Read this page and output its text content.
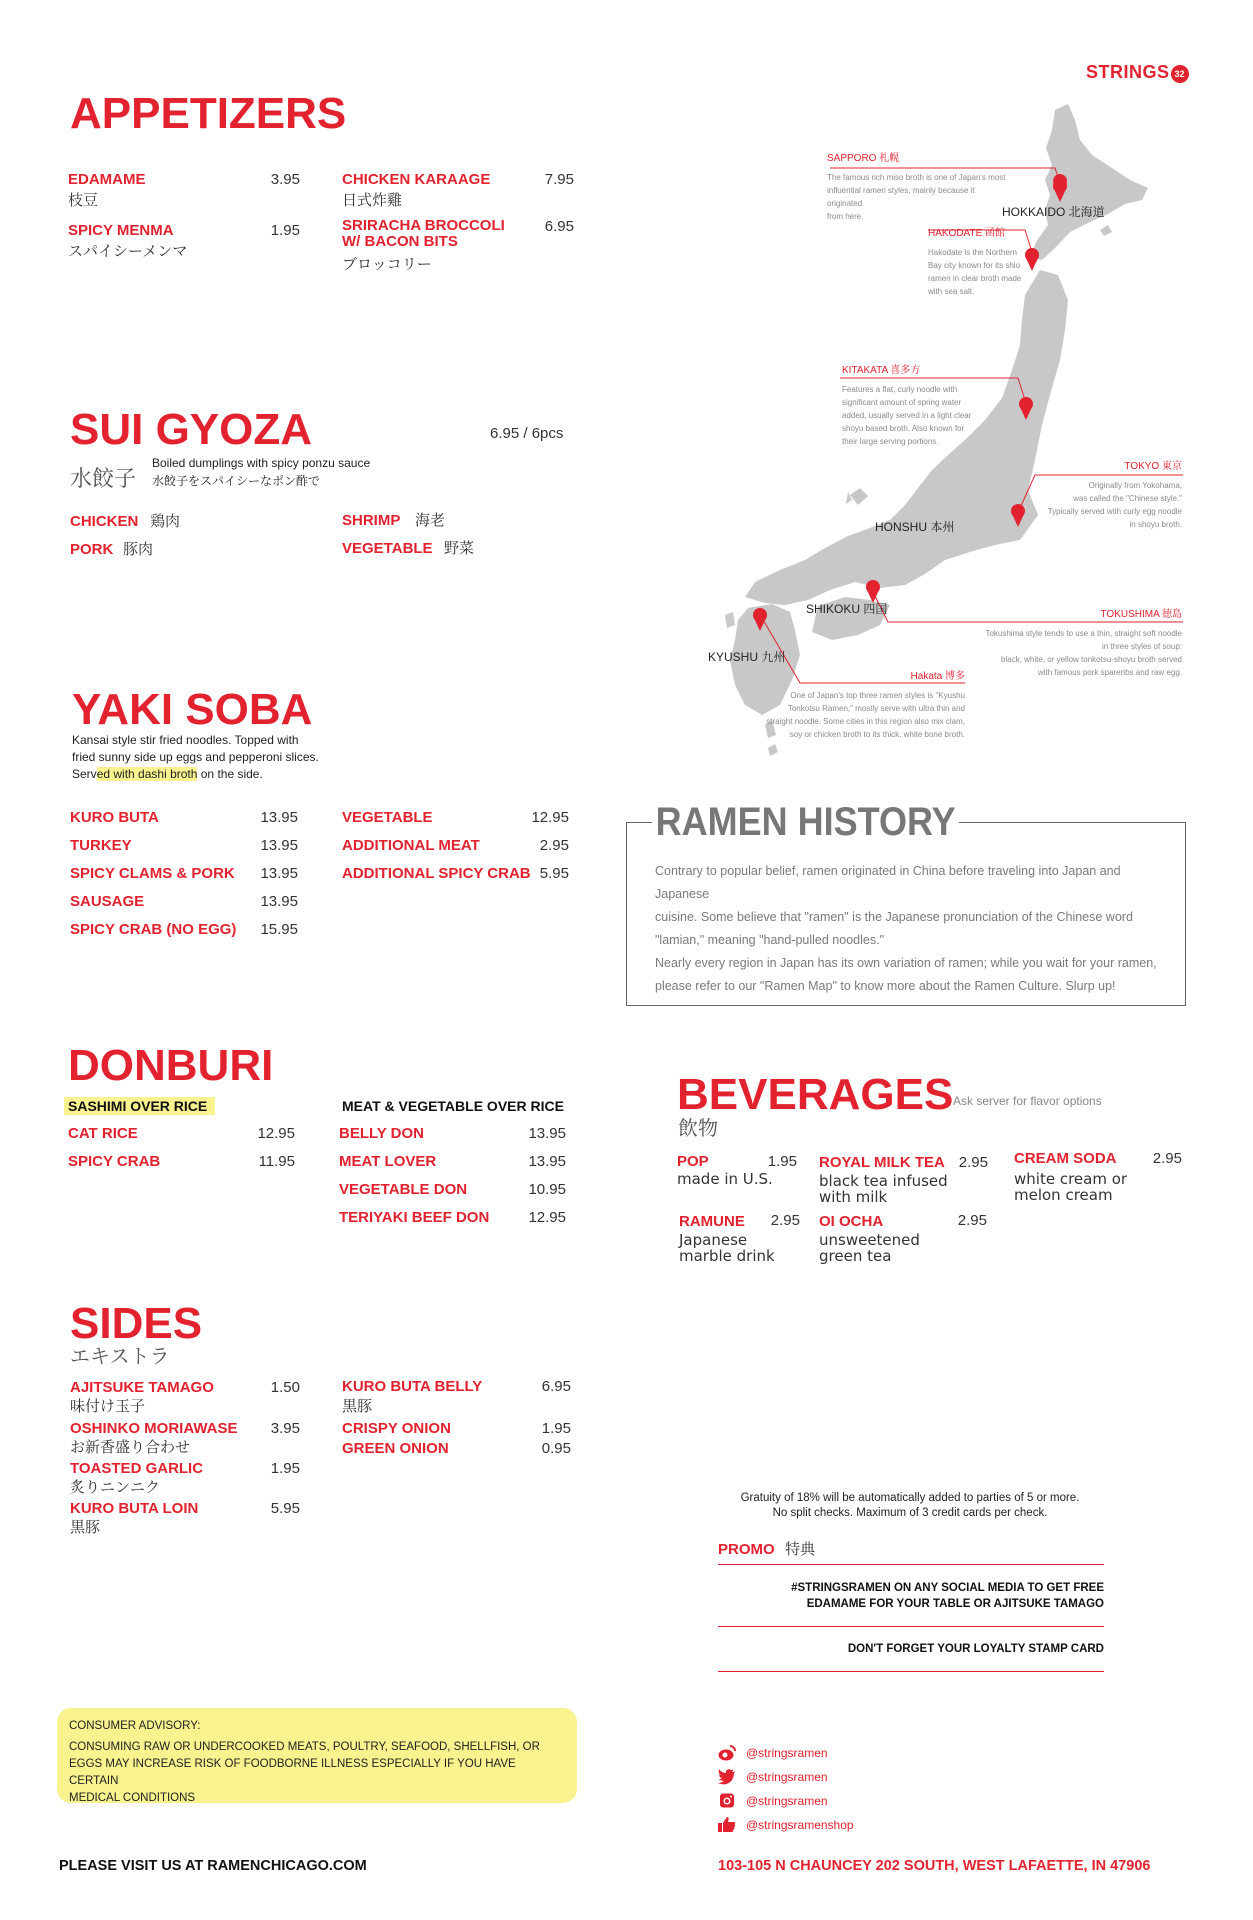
STRINGS 32
APPETIZERS
EDAMAME	3.95
枝豆
SPICY MENMA	1.95
スパイシーメンマ
CHICKEN KARAAGE	7.95
日式炸雞
SRIRACHA BROCCOLI
W/ BACON BITS
6.95
ブロッコリー
SUI GYOZA	6.95 / 6pcs
水餃子
Boiled dumplings with spicy ponzu sauce
水餃子をスパイシーなポン酢で
CHICKEN 鶏肉
PORK 豚肉
SHRIMP 海老
VEGETABLE 野菜
YAKI SOBA
Kansai style stir fried noodles. Topped with
fried sunny side up eggs and pepperoni slices.
Served with dashi broth on the side.
KURO BUTA	13.95
TURKEY	13.95
SPICY CLAMS & PORK	13.95
SAUSAGE	13.95
SPICY CRAB (NO EGG)	15.95
VEGETABLE	12.95
ADDITIONAL MEAT	2.95
ADDITIONAL SPICY CRAB 5.95
SAPPORO 札幌
The famous rich miso broth is one of Japan's most
influential ramen styles, mainly because it originated
from here.	HOKKAIDO 北海道
HAKODATE 函館
Hakodate is the Northern
Bay city known for its shio
ramen in clear broth made
with sea salt.
KITAKATA 喜多方
Features a flat, curly noodle with
significant amount of spring water
added, usually served in a light clear
shoyu based broth. Also known for
their large serving portions.
TOKYO 東京
Originally from Yokohama,
was called the "Chinese style."
Typically served with curly egg noodle
in shoyu broth.
HONSHU 本州
TOKUSHIMA 徳島
Tokushima style tends to use a thin, straight soft noodle
in three styles of soup:
black, white, or yellow tonkotsu-shoyu broth served
with famous pork spareribs and raw egg.
SHIKOKU 四国
KYUSHU 九州
Hakata 博多
One of Japan's top three ramen styles is "Kyushu
Tonkotsu Ramen," mostly serve with ultra thin and
straight noodle. Some cities in this region also mix clam,
soy or chicken broth to its thick, white bone broth.
RAMEN HISTORY
Contrary to popular belief, ramen originated in China before traveling into Japan and Japanese
cuisine. Some believe that "ramen" is the Japanese pronunciation of the Chinese word
"lamian," meaning "hand-pulled noodles."
Nearly every region in Japan has its own variation of ramen; while you wait for your ramen,
please refer to our "Ramen Map" to know more about the Ramen Culture. Slurp up!
DONBURI
SASHIMI OVER RICE	MEAT & VEGETABLE OVER RICE
CAT RICE	12.95
SPICY CRAB	11.95
BELLY DON	13.95
MEAT LOVER	13.95
VEGETABLE DON	10.95
TERIYAKI BEEF DON	12.95
BEVERAGES Ask server for flavor options
飲物
POP	1.95
made in U.S.
ROYAL MILK TEA 2.95
black tea infused
with milk
CREAM SODA	2.95
white cream or
melon cream
RAMUNE	2.95
Japanese
marble drink
OI OCHA	2.95
unsweetened
green tea
SIDES
エキストラ
AJITSUKE TAMAGO	1.50
味付け玉子
OSHINKO MORIAWASE	3.95
お新香盛り合わせ
TOASTED GARLIC	1.95
炙りニンニク
KURO BUTA LOIN	5.95
黒豚
KURO BUTA BELLY	6.95
黒豚
CRISPY ONION	1.95
GREEN ONION	0.95
Gratuity of 18% will be automatically added to parties of 5 or more.
No split checks. Maximum of 3 credit cards per check.
PROMO 特典
#STRINGSRAMEN ON ANY SOCIAL MEDIA TO GET FREE
EDAMAME FOR YOUR TABLE OR AJITSUKE TAMAGO
DON'T FORGET YOUR LOYALTY STAMP CARD
CONSUMER ADVISORY:
CONSUMING RAW OR UNDERCOOKED MEATS, POULTRY, SEAFOOD, SHELLFISH, OR
EGGS MAY INCREASE RISK OF FOODBORNE ILLNESS ESPECIALLY IF YOU HAVE CERTAIN
MEDICAL CONDITIONS
@stringsramen
@stringsramen
@stringsramen
@stringsramenshop
PLEASE VISIT US AT RAMENCHICAGO.COM	103-105 N CHAUNCEY 202 SOUTH, WEST LAFAETTE, IN 47906
